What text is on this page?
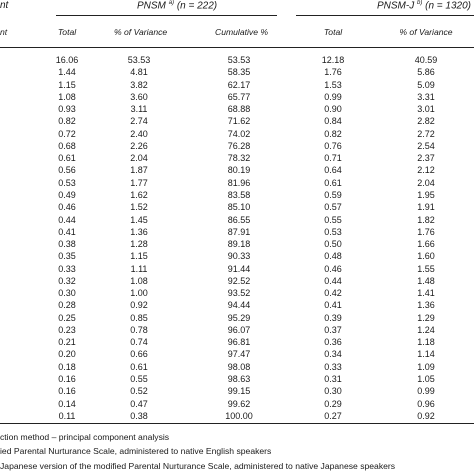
nt	PNSM $^{a)}$ (n = 222)	PNSM-J $^{b)}$ (n = 1320)
nt	Total	% of Variance	Cumulative %	Total	% of Variance
16.06	53.53	53.53	12.18	40.59
1.44	4.81	58.35	1.76	5.86
1.15	3.82	62.17	1.53	5.09
1.08	3.60	65.77	0.99	3.31
0.93	3.11	68.88	0.90	3.01
0.82	2.74	71.62	0.84	2.82
0.72	2.40	74.02	0.82	2.72
0.68	2.26	76.28	0.76	2.54
0.61	2.04	78.32	0.71	2.37
0.56	1.87	80.19	0.64	2.12
0.53	1.77	81.96	0.61	2.04
0.49	1.62	83.58	0.59	1.95
0.46	1.52	85.10	0.57	1.91
0.44	1.45	86.55	0.55	1.82
0.41	1.36	87.91	0.53	1.76
0.38	1.28	89.18	0.50	1.66
0.35	1.15	90.33	0.48	1.60
0.33	1.11	91.44	0.46	1.55
0.32	1.08	92.52	0.44	1.48
0.30	1.00	93.52	0.42	1.41
0.28	0.92	94.44	0.41	1.36
0.25	0.85	95.29	0.39	1.29
0.23	0.78	96.07	0.37	1.24
0.21	0.74	96.81	0.36	1.18
0.20	0.66	97.47	0.34	1.14
0.18	0.61	98.08	0.33	1.09
0.16	0.55	98.63	0.31	1.05
0.16	0.52	99.15	0.30	0.99
0.14	0.47	99.62	0.29	0.96
0.11	0.38	100.00	0.27	0.92
ction method – principal component analysis
ied Parental Nurturance Scale, administered to native English speakers
Japanese version of the modified Parental Nurturance Scale, administered to native Japanese speakers
